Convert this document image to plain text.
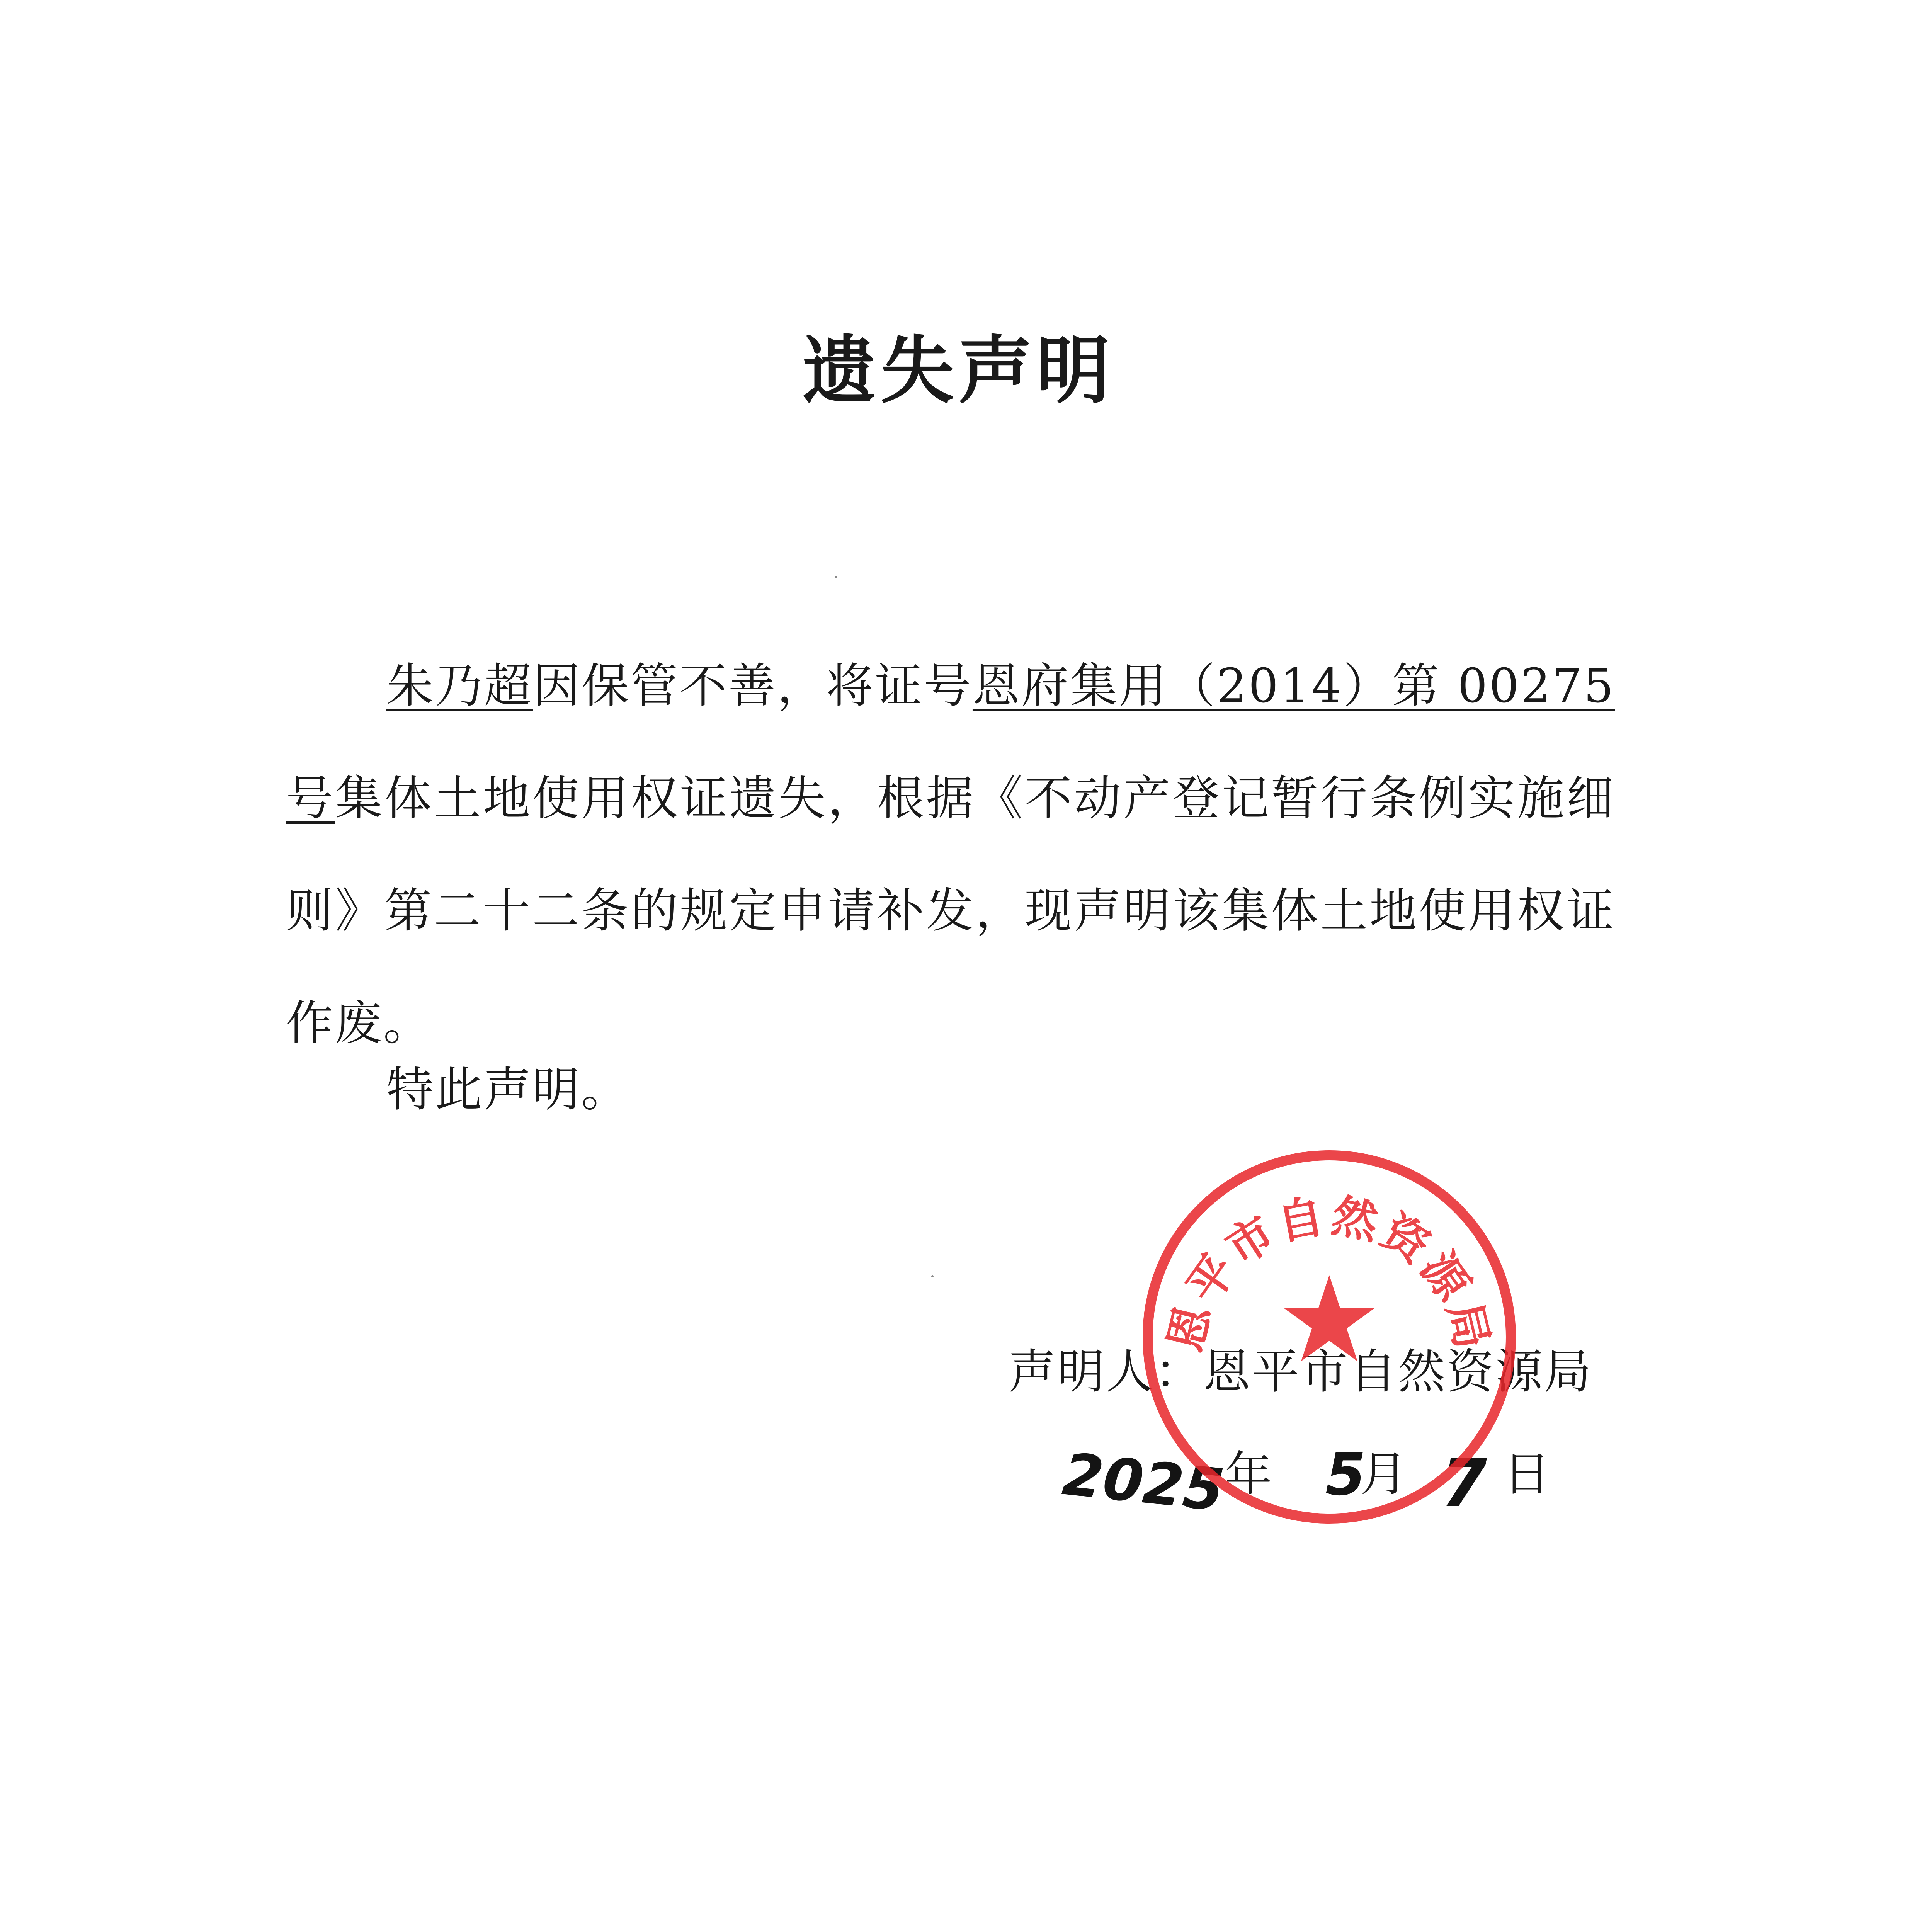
遗失声明

朱乃超因保管不善，将证号恩府集用（2014）第 00275号集体土地使用权证遗失，根据《不动产登记暂行条例实施细则》第二十二条的规定申请补发，现声明该集体土地使用权证作废。

特此声明。
声明人：恩平市自然资源局
2025
年 5
月 7 日
恩平市自然资源局
